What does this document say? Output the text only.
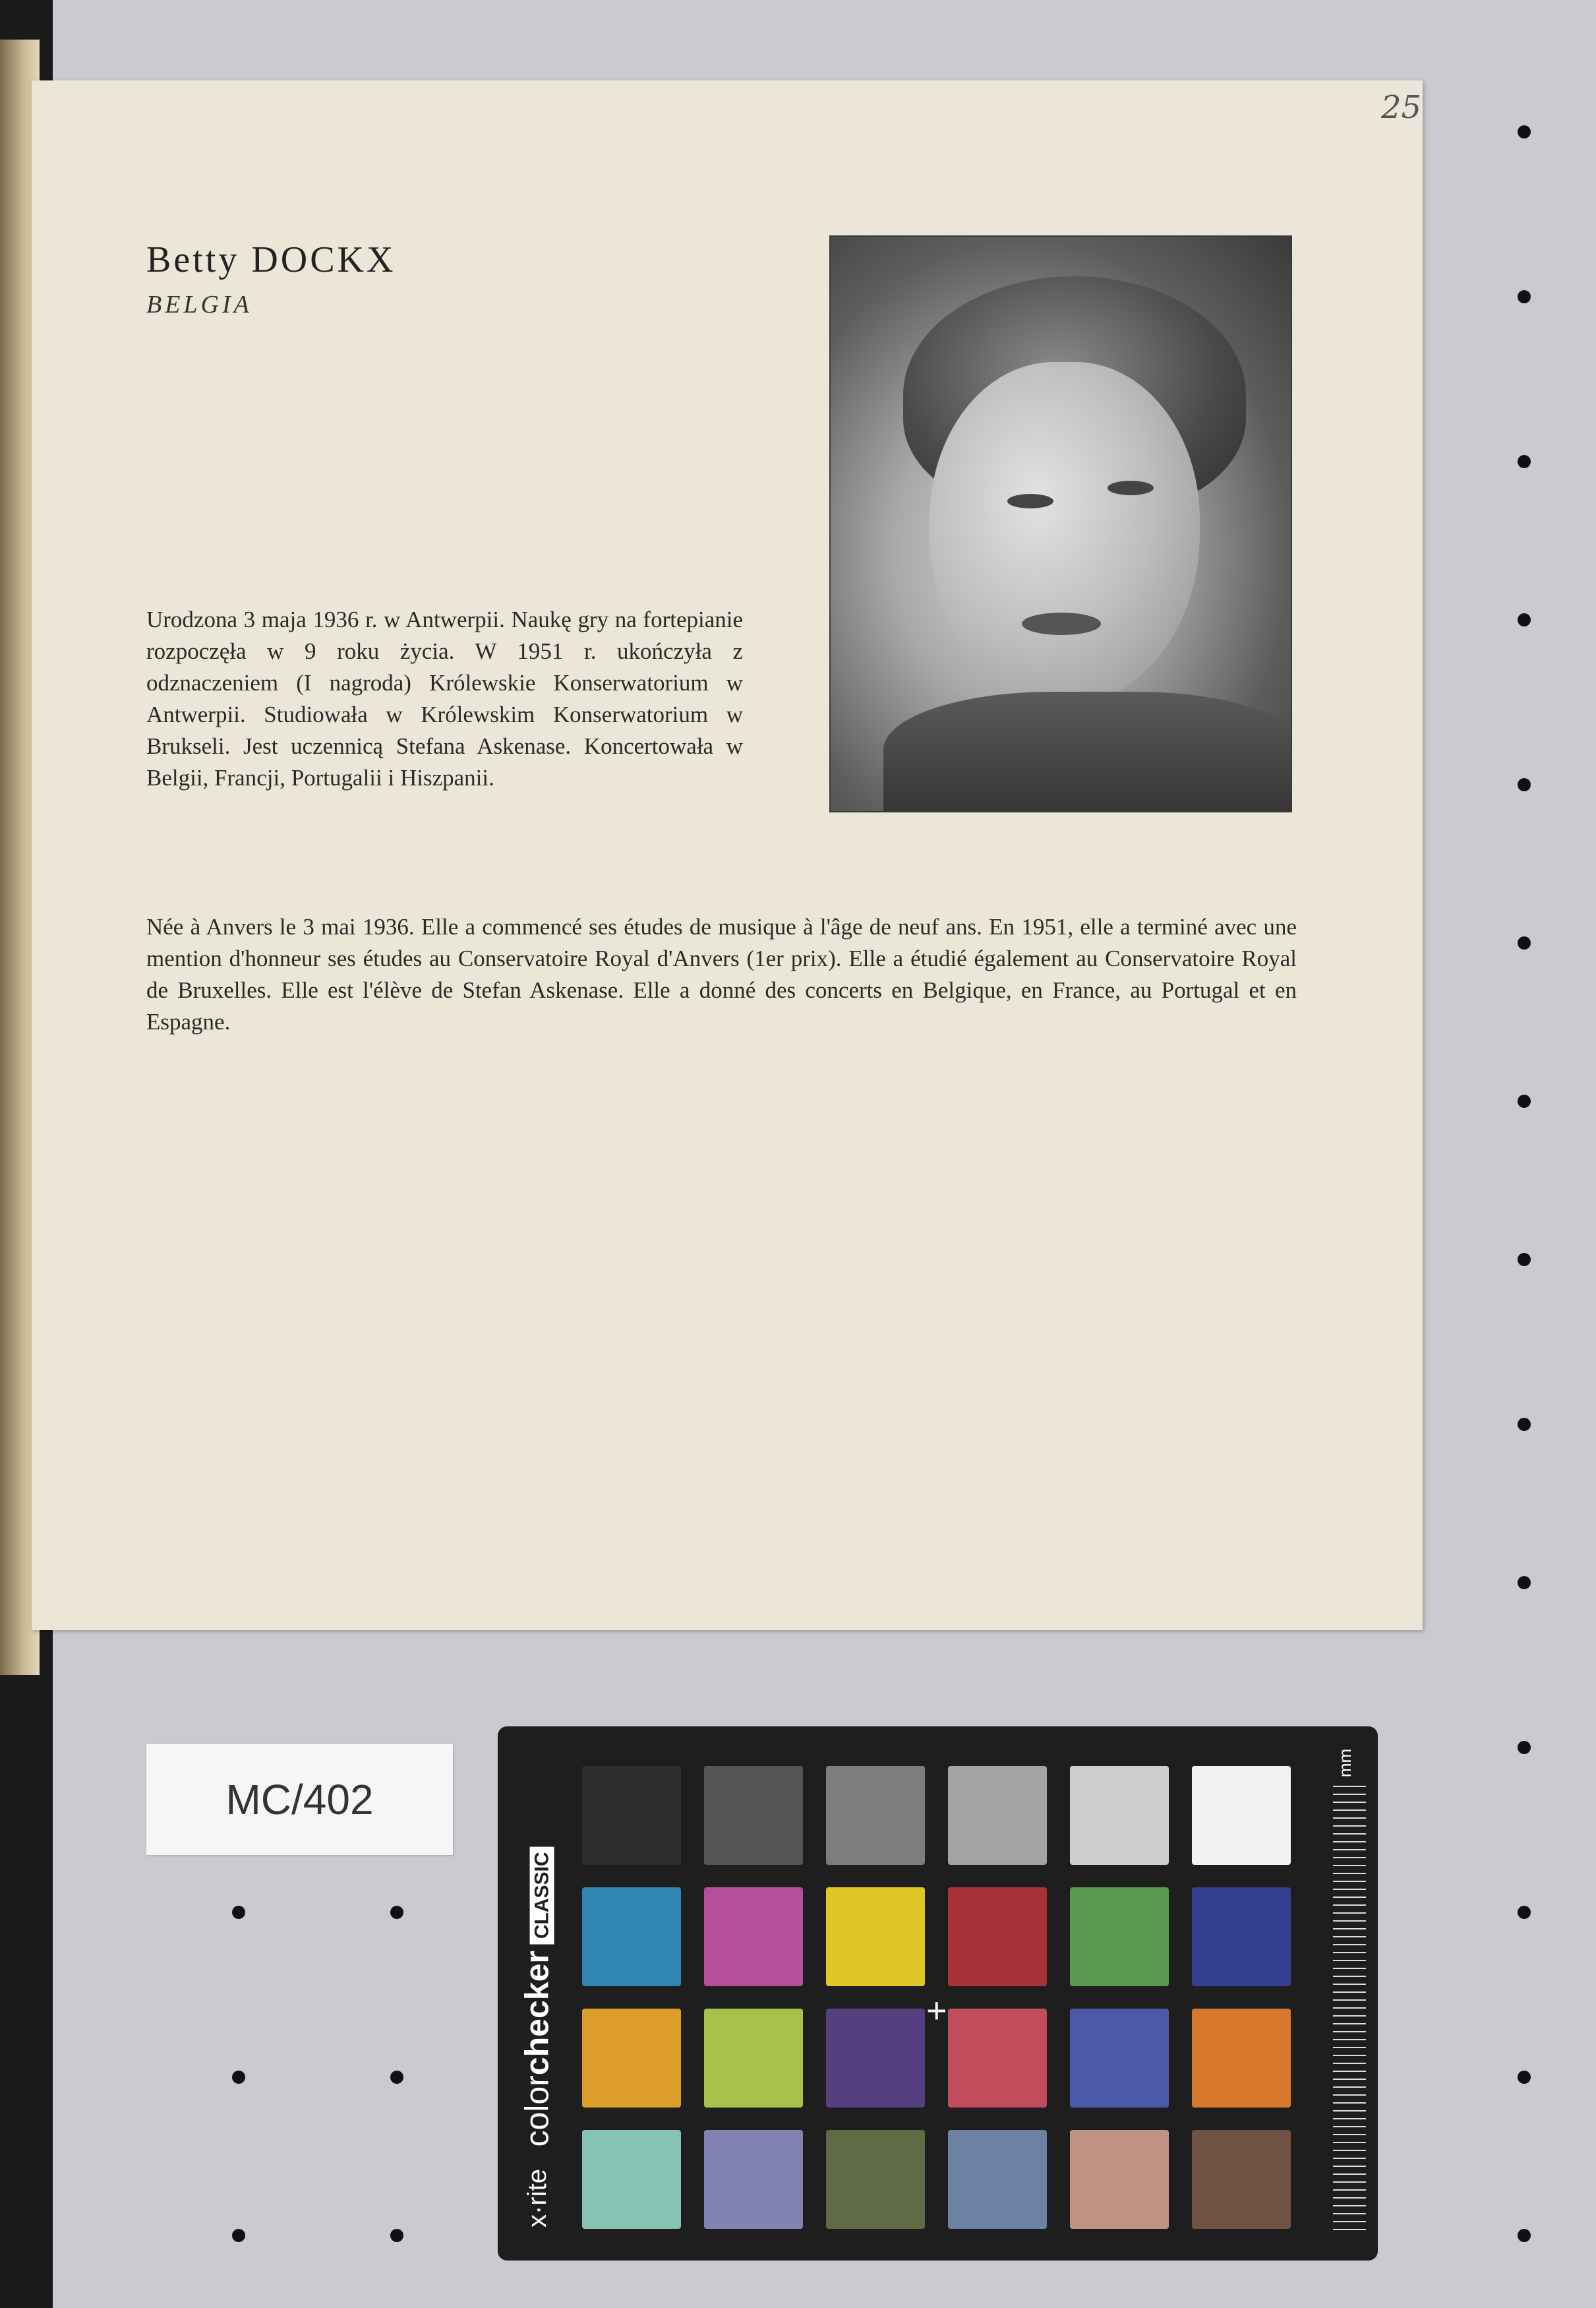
25
Betty DOCKX
BELGIA
Urodzona 3 maja 1936 r. w Antwerpii. Naukę gry na fortepianie rozpoczęła w 9 roku życia. W 1951 r. ukończyła z odznaczeniem (I nagroda) Królewskie Konserwatorium w Antwerpii. Studiowała w Królewskim Konserwatorium w Brukseli. Jest uczennicą Stefana Askenase. Koncertowała w Belgii, Francji, Portugalii i Hiszpanii.
Née à Anvers le 3 mai 1936. Elle a commencé ses études de musique à l'âge de neuf ans. En 1951, elle a terminé avec une mention d'honneur ses études au Conservatoire Royal d'Anvers (1er prix). Elle a étudié également au Conservatoire Royal de Bruxelles. Elle est l'élève de Stefan Askenase. Elle a donné des concerts en Belgique, en France, au Portugal et en Espagne.
MC/402
colorcheckerCLASSIC
x·rite
+
mm
